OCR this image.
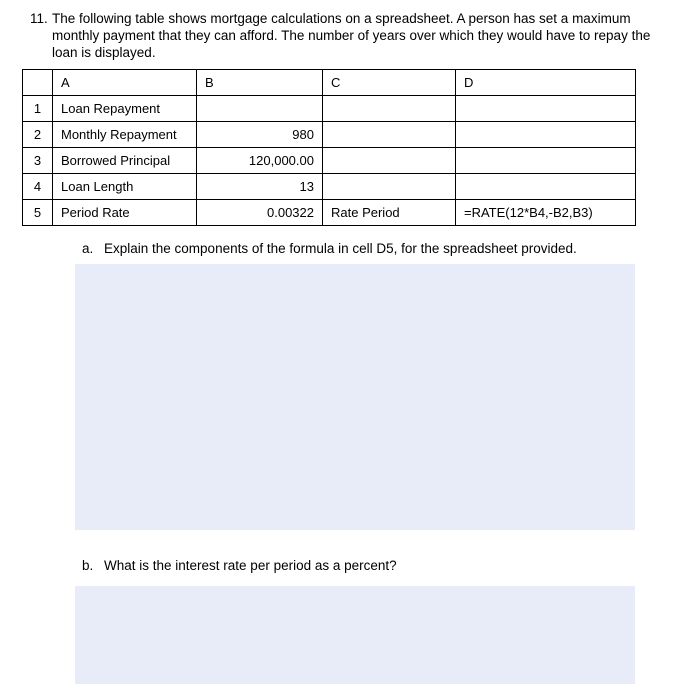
11. The following table shows mortgage calculations on a spreadsheet. A person has set a maximum monthly payment that they can afford. The number of years over which they would have to repay the loan is displayed.
	A	B	C	D
1	Loan Repayment			
2	Monthly Repayment	980		
3	Borrowed Principal	120,000.00		
4	Loan Length	13		
5	Period Rate	0.00322	Rate Period	=RATE(12*B4,-B2,B3)
a. Explain the components of the formula in cell D5, for the spreadsheet provided.
b. What is the interest rate per period as a percent?
